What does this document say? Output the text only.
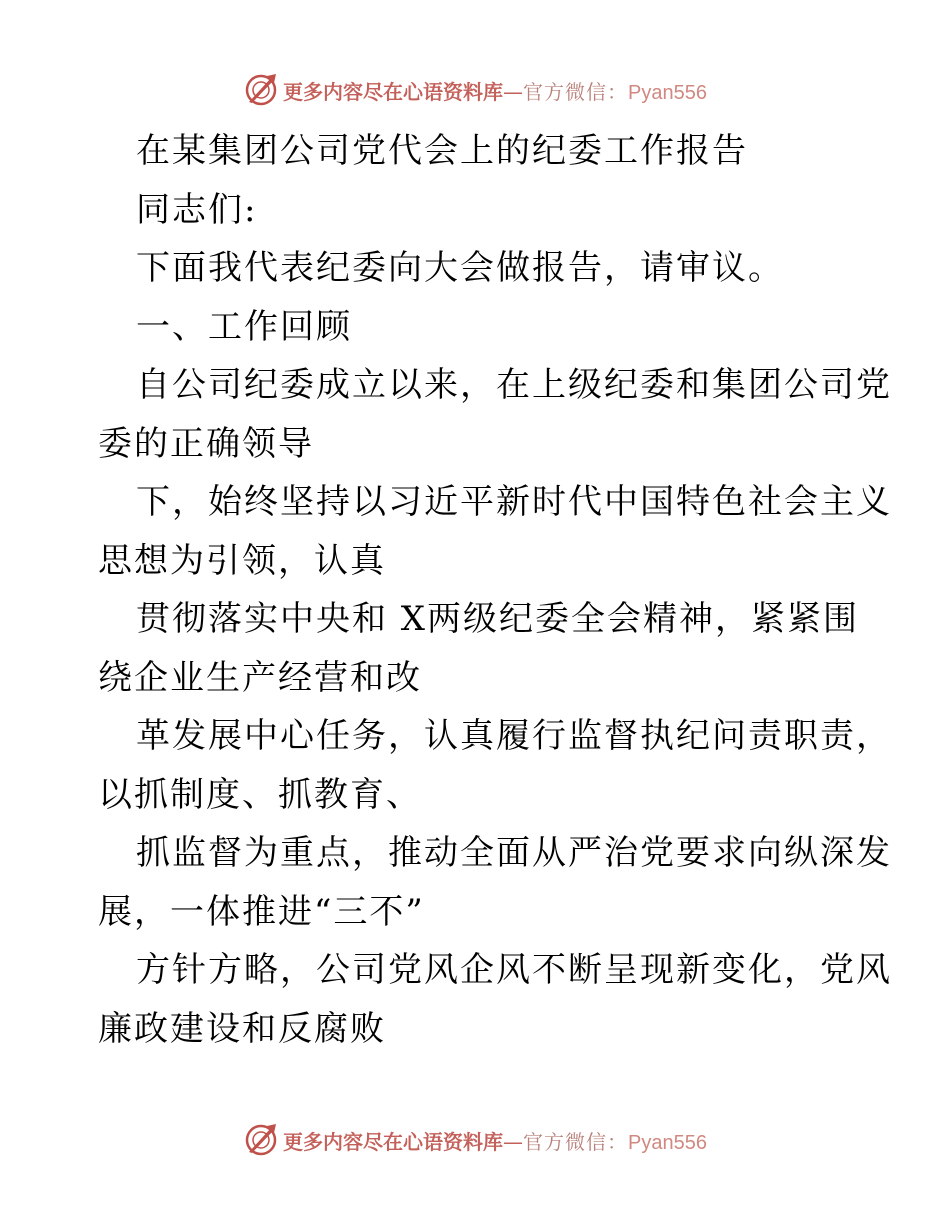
更多内容尽在心语资料库—官方微信：Pyan556
在某集团公司党代会上的纪委工作报告
同志们:
下面我代表纪委向大会做报告，请审议。
一、工作回顾
自公司纪委成立以来，在上级纪委和集团公司党
委的正确领导
下，始终坚持以习近平新时代中国特色社会主义
思想为引领，认真
贯彻落实中央和 X两级纪委全会精神，紧紧围
绕企业生产经营和改
革发展中心任务，认真履行监督执纪问责职责，
以抓制度、抓教育、
抓监督为重点，推动全面从严治党要求向纵深发
展，一体推进“三不”
方针方略，公司党风企风不断呈现新变化，党风
廉政建设和反腐败
更多内容尽在心语资料库—官方微信：Pyan556
